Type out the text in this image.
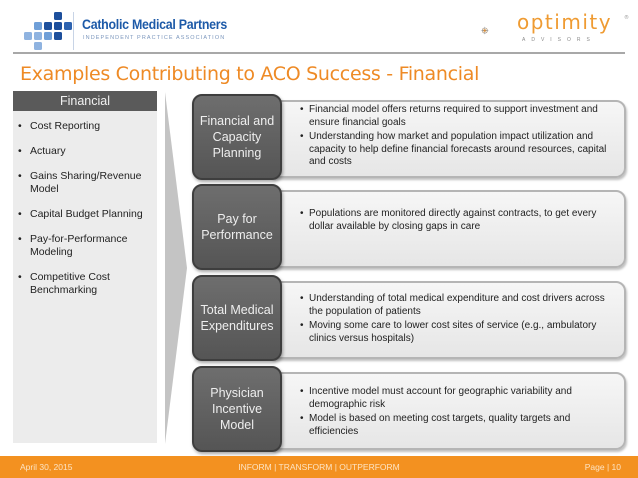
Catholic Medical Partners
INDEPENDENT PRACTICE ASSOCIATION
optimity ®
ADVISORS
Examples Contributing to ACO Success - Financial
Financial
• Cost Reporting
• Actuary
• Gains Sharing/Revenue Model
• Capital Budget Planning
• Pay-for-Performance Modeling
• Competitive Cost Benchmarking
Financial and Capacity Planning
• Financial model offers returns required to support investment and ensure financial goals
• Understanding how market and population impact utilization and capacity to help define financial forecasts around resources, capital and costs
Pay for Performance
• Populations are monitored directly against contracts, to get every dollar available by closing gaps in care
Total Medical Expenditures
• Understanding of total medical expenditure and cost drivers across the population of patients
• Moving some care to lower cost sites of service (e.g., ambulatory clinics versus hospitals)
Physician Incentive Model
• Incentive model must account for geographic variability and demographic risk
• Model is based on meeting cost targets, quality targets and efficiencies
April 30, 2015	INFORM | TRANSFORM | OUTPERFORM	Page | 10
